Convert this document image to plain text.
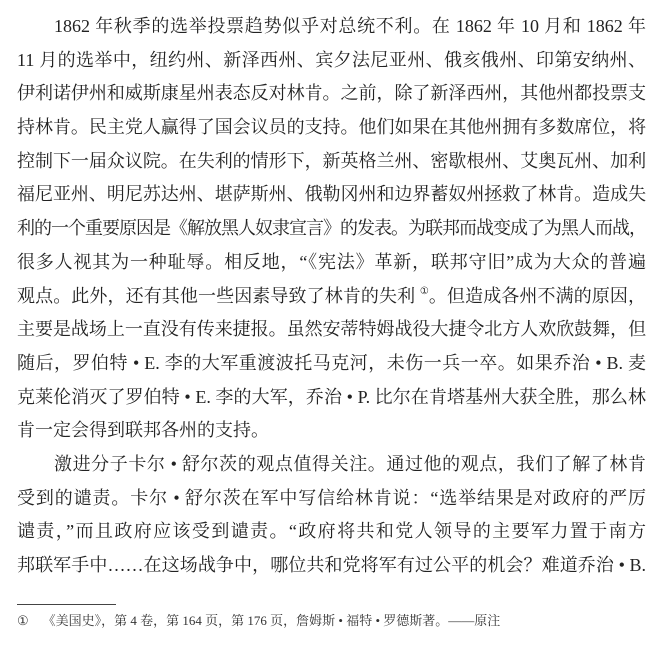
1862 年秋季的选举投票趋势似乎对总统不利。在 1862 年 10 月和 1862 年
11 月的选举中，纽约州、新泽西州、宾夕法尼亚州、俄亥俄州、印第安纳州、
伊利诺伊州和威斯康星州表态反对林肯。之前，除了新泽西州，其他州都投票支
持林肯。民主党人赢得了国会议员的支持。他们如果在其他州拥有多数席位，将
控制下一届众议院。在失利的情形下，新英格兰州、密歇根州、艾奥瓦州、加利
福尼亚州、明尼苏达州、堪萨斯州、俄勒冈州和边界蓄奴州拯救了林肯。造成失
利的一个重要原因是《解放黑人奴隶宣言》的发表。为联邦而战变成了为黑人而战，
很多人视其为一种耻辱。相反地，“《宪法》革新，联邦守旧”成为大众的普遍
观点。此外，还有其他一些因素导致了林肯的失利 ①。但造成各州不满的原因，
主要是战场上一直没有传来捷报。虽然安蒂特姆战役大捷令北方人欢欣鼓舞，但
随后，罗伯特 • E. 李的大军重渡波托马克河，未伤一兵一卒。如果乔治 • B. 麦
克莱伦消灭了罗伯特 • E. 李的大军，乔治 • P. 比尔在肯塔基州大获全胜，那么林
肯一定会得到联邦各州的支持。
激进分子卡尔 • 舒尔茨的观点值得关注。通过他的观点，我们了解了林肯
受到的谴责。卡尔 • 舒尔茨在军中写信给林肯说：“选举结果是对政府的严厉
谴责，”而且政府应该受到谴责。“政府将共和党人领导的主要军力置于南方
邦联军手中……在这场战争中，哪位共和党将军有过公平的机会？难道乔治 • B.
① 《美国史》，第 4 卷，第 164 页，第 176 页，詹姆斯 • 福特 • 罗德斯著。——原注
